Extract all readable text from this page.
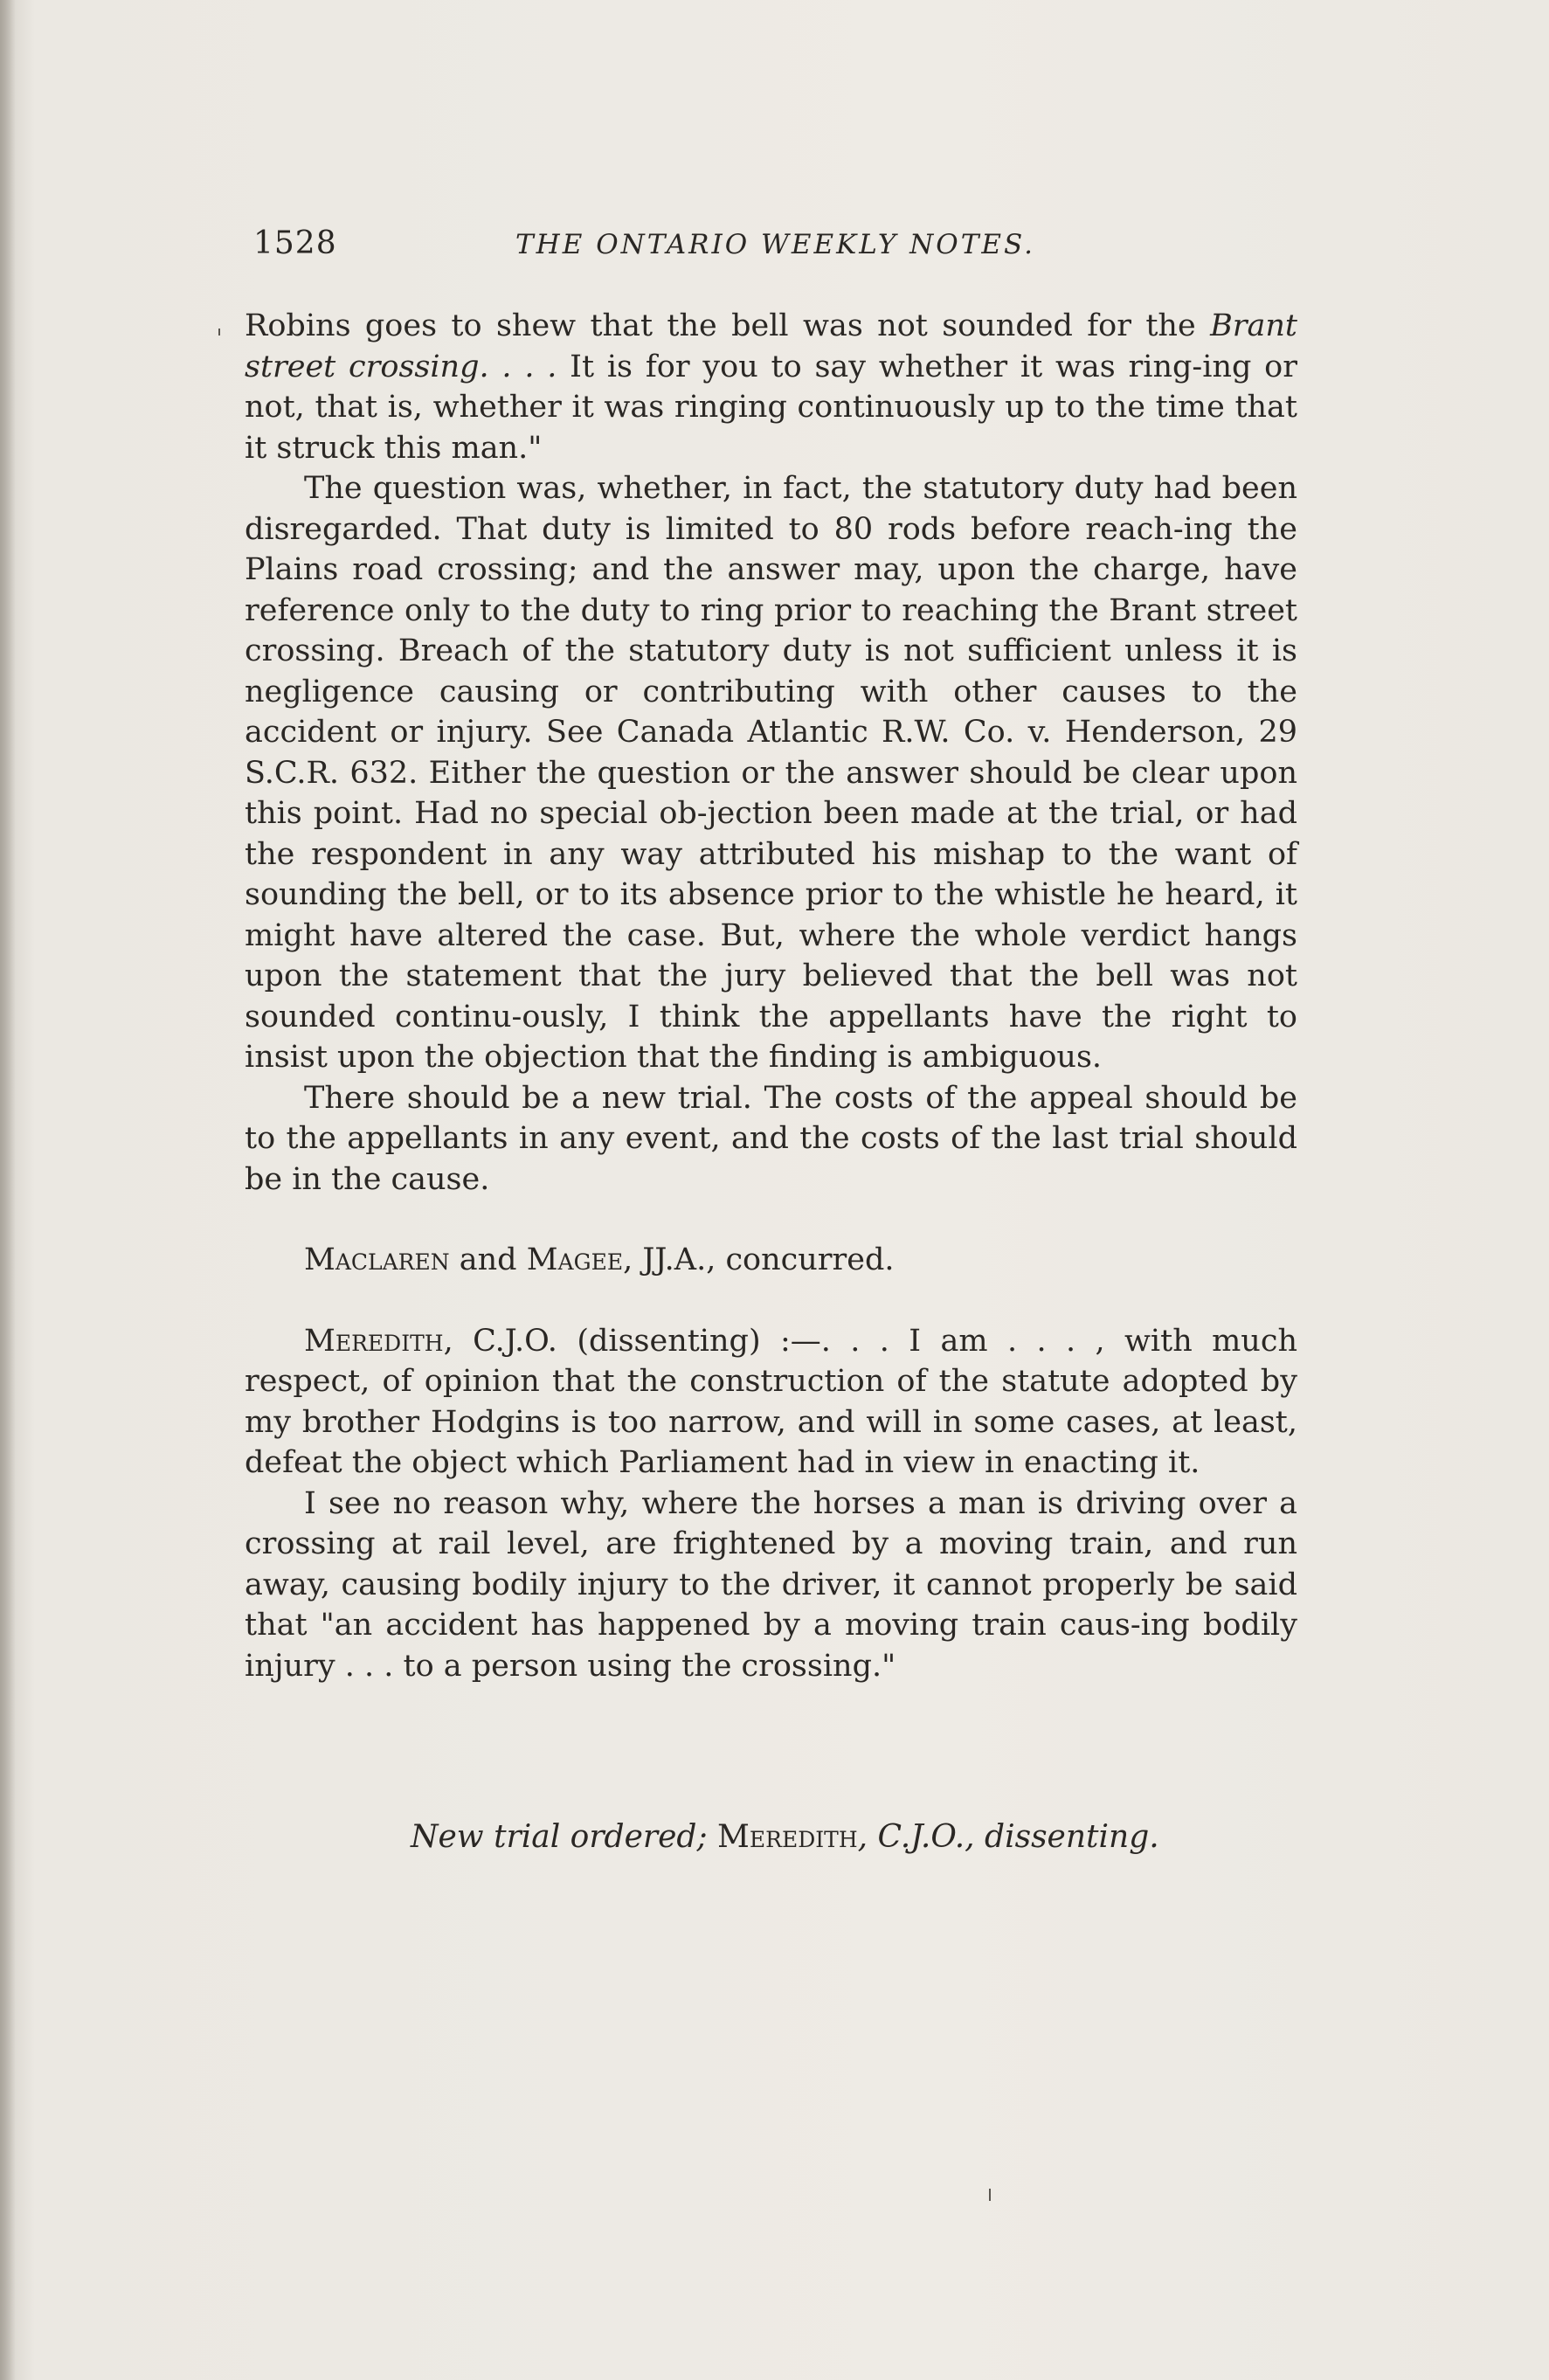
1528	THE ONTARIO WEEKLY NOTES.

Robins goes to shew that the bell was not sounded for the Brant street crossing. . . . It is for you to say whether it was ring-ing or not, that is, whether it was ringing continuously up to the time that it struck this man."

The question was, whether, in fact, the statutory duty had been disregarded. That duty is limited to 80 rods before reach-ing the Plains road crossing; and the answer may, upon the charge, have reference only to the duty to ring prior to reaching the Brant street crossing. Breach of the statutory duty is not sufficient unless it is negligence causing or contributing with other causes to the accident or injury. See Canada Atlantic R.W. Co. v. Henderson, 29 S.C.R. 632. Either the question or the answer should be clear upon this point. Had no special ob-jection been made at the trial, or had the respondent in any way attributed his mishap to the want of sounding the bell, or to its absence prior to the whistle he heard, it might have altered the case. But, where the whole verdict hangs upon the statement that the jury believed that the bell was not sounded continu-ously, I think the appellants have the right to insist upon the objection that the finding is ambiguous.

There should be a new trial. The costs of the appeal should be to the appellants in any event, and the costs of the last trial should be in the cause.

Maclaren and Magee, JJ.A., concurred.

Meredith, C.J.O. (dissenting) :—. . . I am . . . , with much respect, of opinion that the construction of the statute adopted by my brother Hodgins is too narrow, and will in some cases, at least, defeat the object which Parliament had in view in enacting it.

I see no reason why, where the horses a man is driving over a crossing at rail level, are frightened by a moving train, and run away, causing bodily injury to the driver, it cannot properly be said that "an accident has happened by a moving train caus-ing bodily injury . . . to a person using the crossing."

New trial ordered; Meredith, C.J.O., dissenting.
